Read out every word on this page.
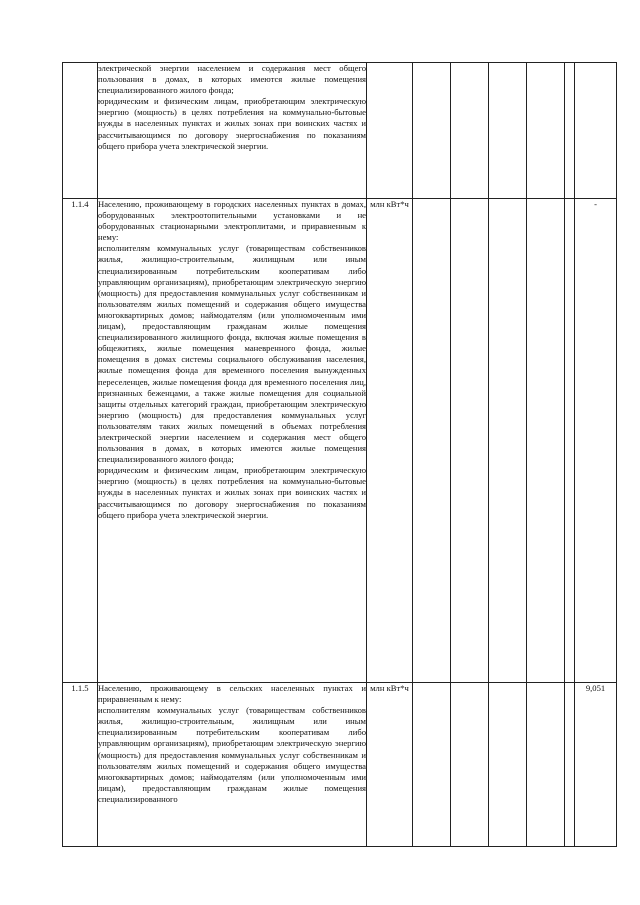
	электрической энергии населением и содержания мест общего пользования в домах, в которых имеются жилые помещения специализированного жилого фонда;
юридическим и физическим лицам, приобретающим электрическую энергию (мощность) в целях потребления на коммунально-бытовые нужды в населенных пунктах и жилых зонах при воинских частях и рассчитывающимся по договору энергоснабжения по показаниям общего прибора учета электрической энергии.							

1.1.4	Населению, проживающему в городских населенных пунктах в домах, оборудованных электроотопительными установками и не оборудованных стационарными электроплитами, и приравненным к нему:
исполнителям коммунальных услуг (товариществам собственников жилья, жилищно-строительным, жилищным или иным специализированным потребительским кооперативам либо управляющим организациям), приобретающим электрическую энергию (мощность) для предоставления коммунальных услуг собственникам и пользователям жилых помещений и содержания общего имущества многоквартирных домов; наймодателям (или уполномоченным ими лицам), предоставляющим гражданам жилые помещения специализированного жилищного фонда, включая жилые помещения в общежитиях, жилые помещения маневренного фонда, жилые помещения в домах системы социального обслуживания населения, жилые помещения фонда для временного поселения вынужденных переселенцев, жилые помещения фонда для временного поселения лиц, признанных беженцами, а также жилые помещения для социальной защиты отдельных категорий граждан, приобретающим электрическую энергию (мощность) для предоставления коммунальных услуг пользователям таких жилых помещений в объемах потребления электрической энергии населением и содержания мест общего пользования в домах, в которых имеются жилые помещения специализированного жилого фонда;
юридическим и физическим лицам, приобретающим электрическую энергию (мощность) в целях потребления на коммунально-бытовые нужды в населенных пунктах и жилых зонах при воинских частях и рассчитывающимся по договору энергоснабжения по показаниям общего прибора учета электрической энергии.	млн кВт*ч						-
1.1.5	Населению, проживающему в сельских населенных пунктах и приравненным к нему:
исполнителям коммунальных услуг (товариществам собственников жилья, жилищно-строительным, жилищным или иным специализированным потребительским кооперативам либо управляющим организациям), приобретающим электрическую энергию (мощность) для предоставления коммунальных услуг собственникам и пользователям жилых помещений и содержания общего имущества многоквартирных домов; наймодателям (или уполномоченным ими лицам), предоставляющим гражданам жилые помещения специализированного	млн кВт*ч						9,051
